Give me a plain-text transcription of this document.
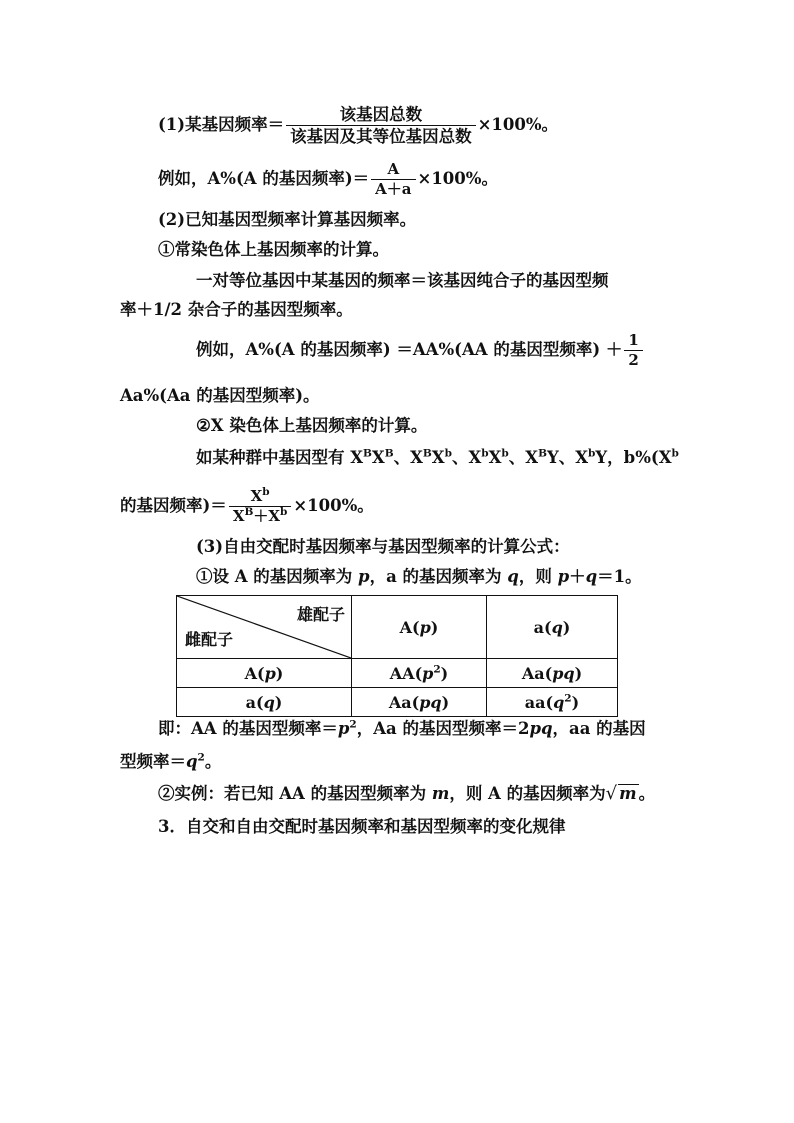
(1)某基因频率＝ $\frac{\text{该基因总数}}{\text{该基因及其等位基因总数}} \times 100\%$。
例如，A%(A 的基因频率)＝ $\frac{A}{A+a} \times 100\%$。
(2)已知基因型频率计算基因频率。
①常染色体上基因频率的计算。
一对等位基因中某基因的频率＝该基因纯合子的基因型频
率＋1/2 杂合子的基因型频率。
例如，A%(A 的基因频率) ＝AA%(AA 的基因型频率) ＋ $\frac{1}{2}$
Aa%(Aa 的基因型频率)。
②X 染色体上基因频率的计算。
如某种群中基因型有 $X^BX^B$、$X^BX^b$、$X^bX^b$、$X^BY$、$X^bY$，$b\%(X^b$
的基因频率)＝ $\frac{X^b}{X^B+X^b} \times 100\%$。
(3)自由交配时基因频率与基因型频率的计算公式：
①设 A 的基因频率为 p，a 的基因频率为 q，则 p＋q＝1。
雄配子
雌配子	A(p)	a(q)
A(p)	$AA(p^2)$	Aa(pq)
a(q)	Aa(pq)	$aa(q^2)$
即：AA 的基因型频率$=p^2$，Aa 的基因型频率＝2pq，aa 的基因
型频率$=q^2$。
②实例：若已知 AA 的基因型频率为 m，则 A 的基因频率为√ m 。
3．自交和自由交配时基因频率和基因型频率的变化规律
